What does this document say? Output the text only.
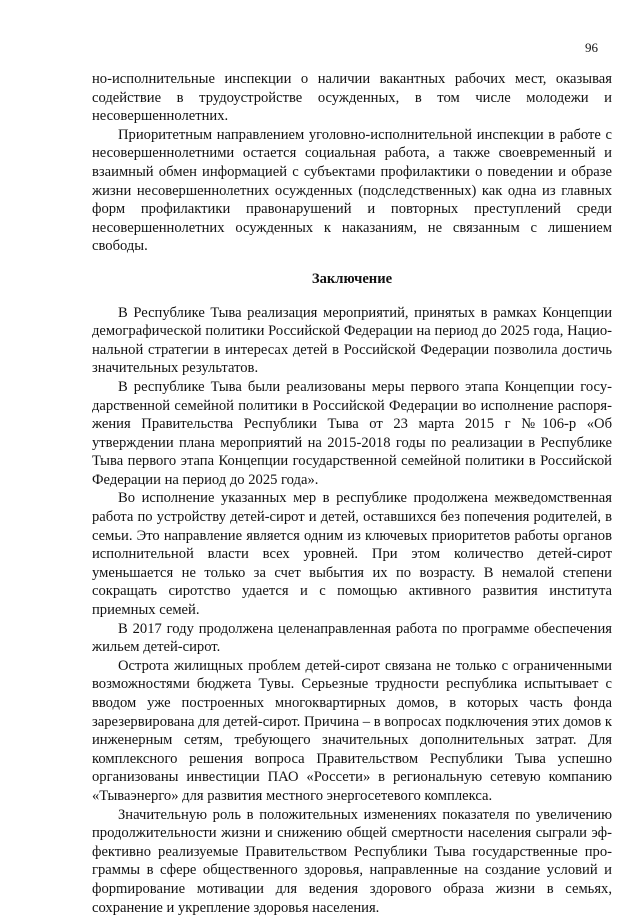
96

но-исполнительные инспекции о наличии вакантных рабочих мест, оказывая содействие в трудоустройстве осужденных, в том числе молодежи и несовершеннолетних.

Приоритетным направлением уголовно-исполнительной инспекции в работе с несовершеннолетними остается социальная работа, а также своевременный и взаимный обмен информацией с субъектами профилактики о поведении и образе жизни несовершеннолетних осужденных (подследственных) как одна из главных форм профилактики правонарушений и повторных преступлений среди несовершеннолетних осужденных к наказаниям, не связанным с лишением свободы.

Заключение

В Республике Тыва реализация мероприятий, принятых в рамках Концепции демографической политики Российской Федерации на период до 2025 года, Национальной стратегии в интересах детей в Российской Федерации позволила достичь значительных результатов.

В республике Тыва были реализованы меры первого этапа Концепции государственной семейной политики в Российской Федерации во исполнение распоряжения Правительства Республики Тыва от 23 марта 2015 г №106-р «Об утверждении плана мероприятий на 2015-2018 годы по реализации в Республике Тыва первого этапа Концепции государственной семейной политики в Российской Федерации на период до 2025 года».

Во исполнение указанных мер в республике продолжена межведомственная работа по устройству детей-сирот и детей, оставшихся без попечения родителей, в семьи. Это направление является одним из ключевых приоритетов работы органов исполнительной власти всех уровней. При этом количество детей-сирот уменьшается не только за счет выбытия их по возрасту. В немалой степени сокращать сиротство удается и с помощью активного развития института приемных семей.

В 2017 году продолжена целенаправленная работа по программе обеспечения жильем детей-сирот.

Острота жилищных проблем детей-сирот связана не только с ограниченными возможностями бюджета Тувы. Серьезные трудности республика испытывает с вводом уже построенных многоквартирных домов, в которых часть фонда зарезервирована для детей-сирот. Причина – в вопросах подключения этих домов к инженерным сетям, требующего значительных дополнительных затрат. Для комплексного решения вопроса Правительством Республики Тыва успешно организованы инвестиции ПАО «Россети» в региональную сетевую компанию «Тываэнерго» для развития местного энергосетевого комплекса.

Значительную роль в положительных изменениях показателя по увеличению продолжительности жизни и снижению общей смертности населения сыграли эффективно реализуемые Правительством Республики Тыва государственные программы в сфере общественного здоровья, направленные на создание условий и форmирование мотивации для ведения здорового образа жизни в семьях, сохранение и укрепление здоровья населения.
